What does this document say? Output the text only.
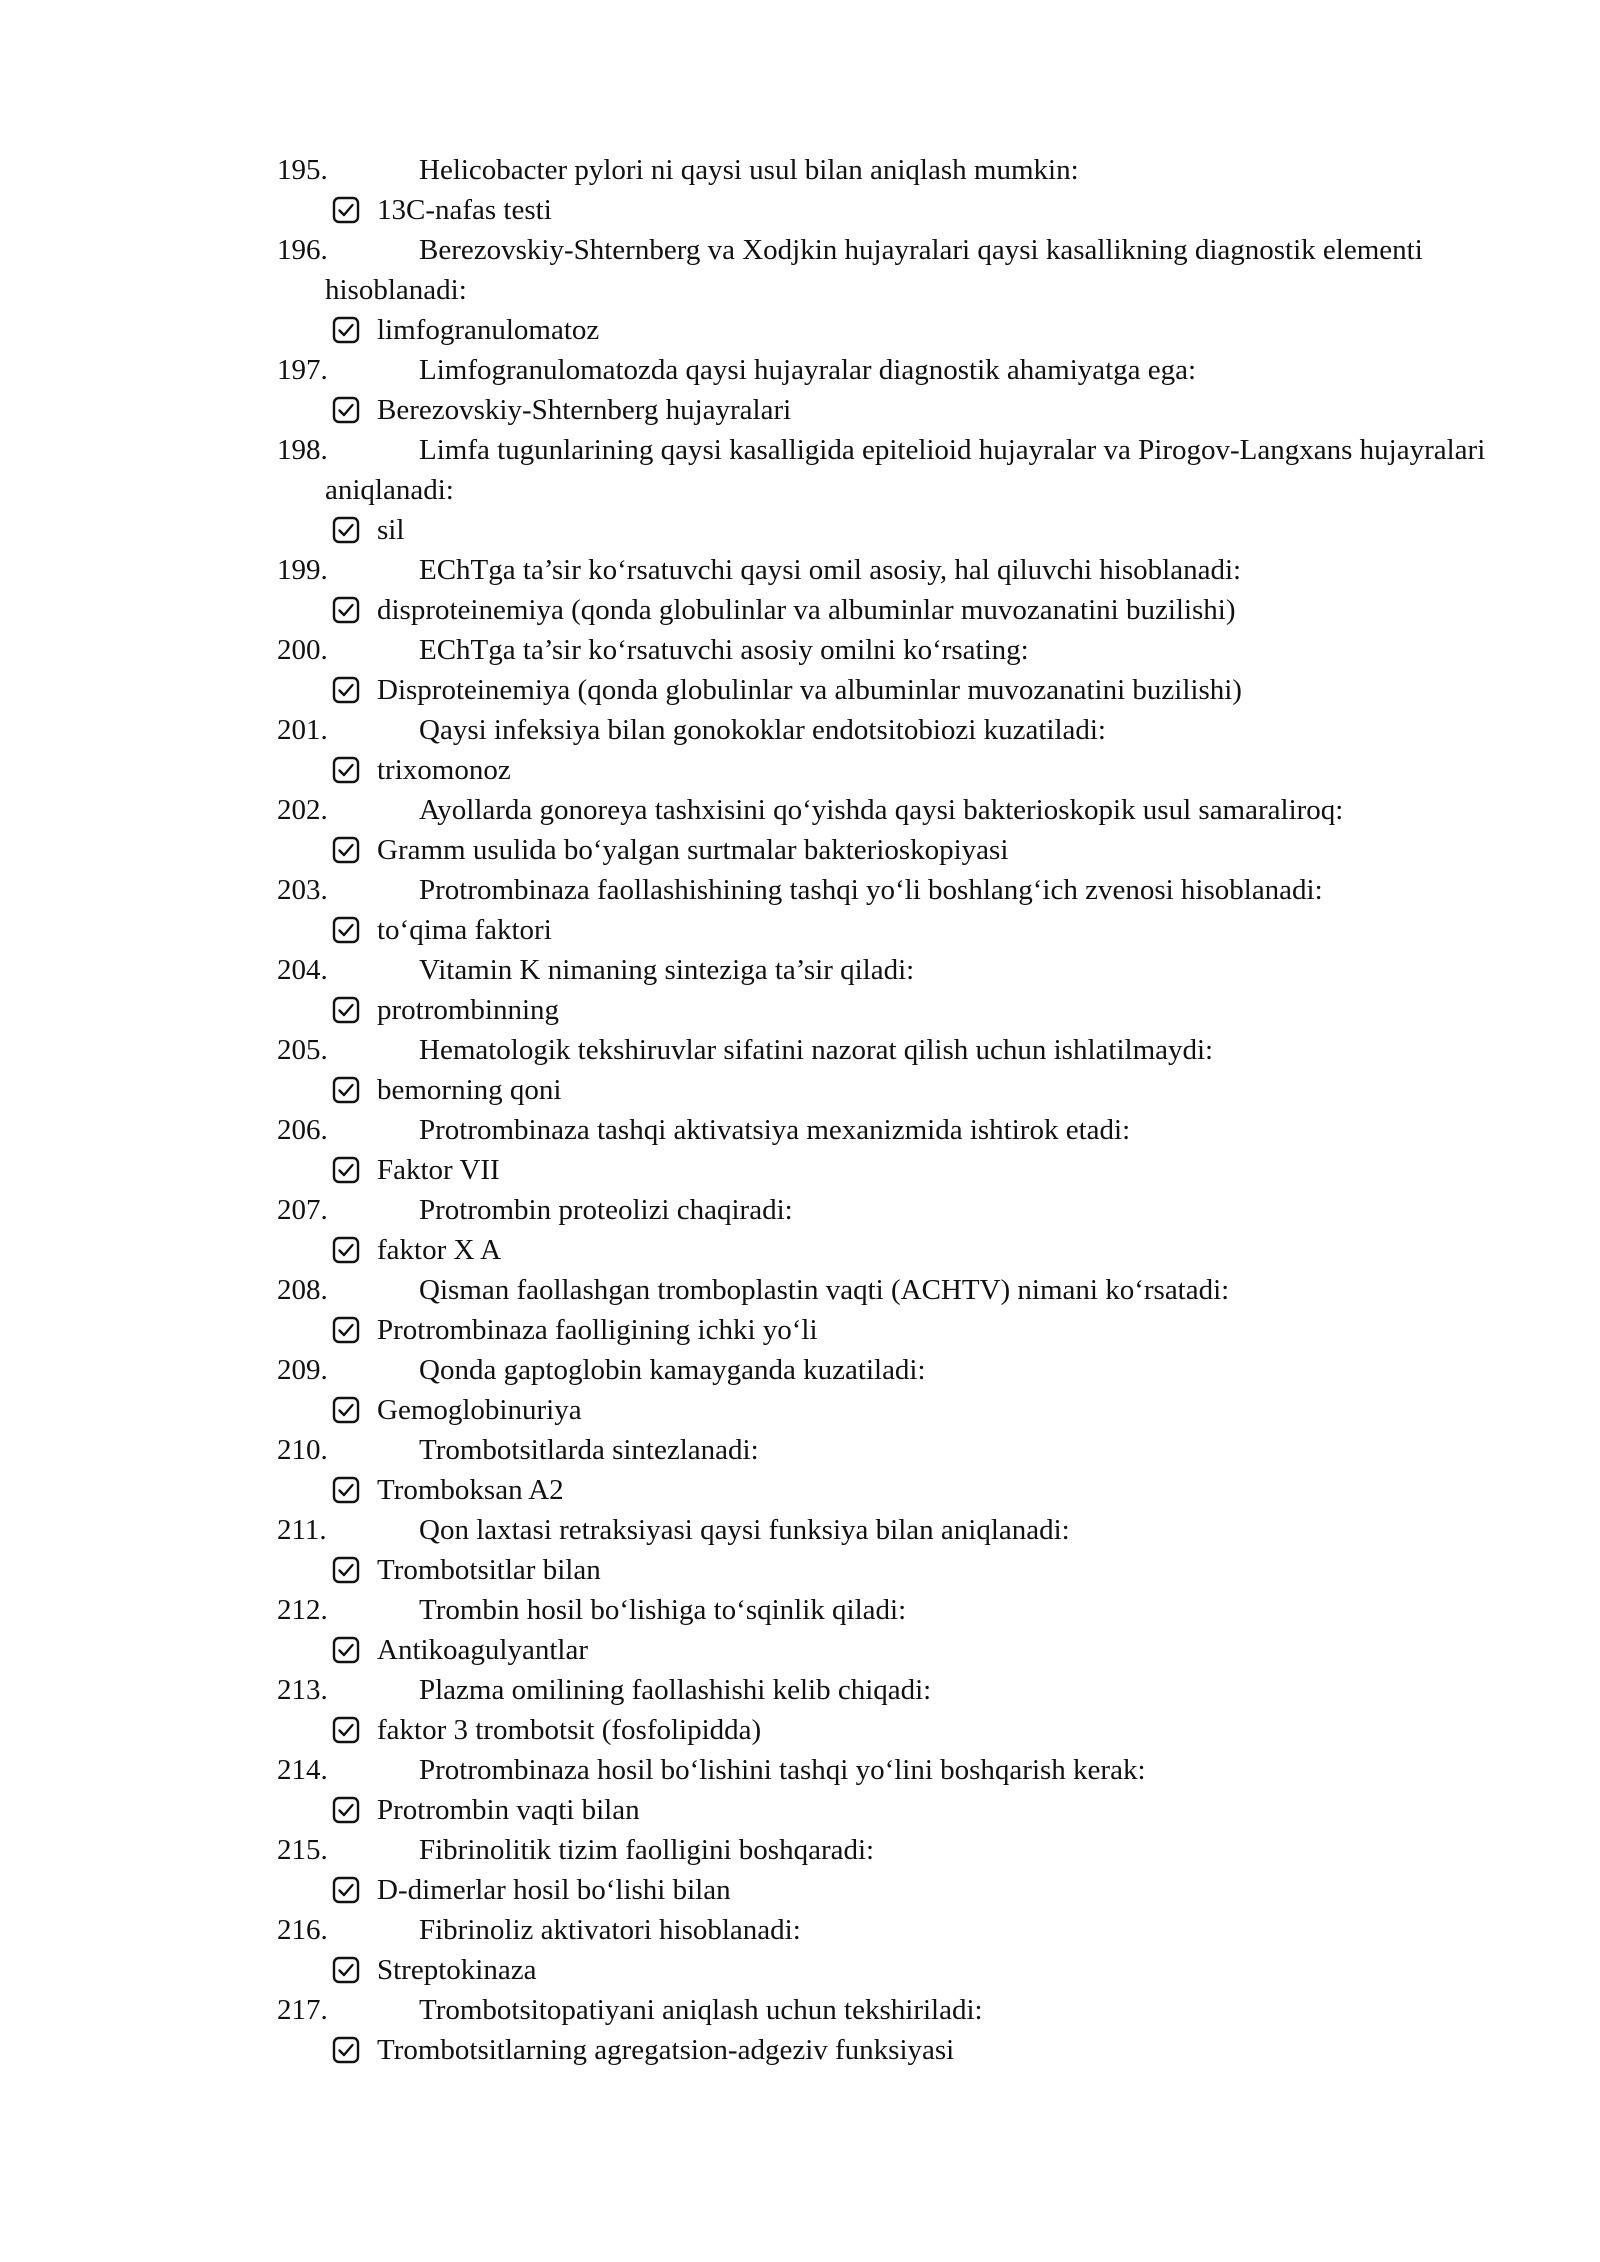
195.	Helicobacter pylori ni qaysi usul bilan aniqlash mumkin:
13C-nafas testi
196.	Berezovskiy-Shternberg va Xodjkin hujayralari qaysi kasallikning diagnostik elementi hisoblanadi:
limfogranulomatoz
197.	Limfogranulomatozda qaysi hujayralar diagnostik ahamiyatga ega:
Berezovskiy-Shternberg hujayralari
198.	Limfa tugunlarining qaysi kasalligida epitelioid hujayralar va Pirogov-Langxans hujayralari aniqlanadi:
sil
199.	EChTga ta’sir ko‘rsatuvchi qaysi omil asosiy, hal qiluvchi hisoblanadi:
disproteinemiya (qonda globulinlar va albuminlar muvozanatini buzilishi)
200.	EChTga ta’sir ko‘rsatuvchi asosiy omilni ko‘rsating:
Disproteinemiya (qonda globulinlar va albuminlar muvozanatini buzilishi)
201.	Qaysi infeksiya bilan gonokoklar endotsitobiozi kuzatiladi:
trixomonoz
202.	Ayollarda gonoreya tashxisini qo‘yishda qaysi bakterioskopik usul samaraliroq:
Gramm usulida bo‘yalgan surtmalar bakterioskopiyasi
203.	Protrombinaza faollashishining tashqi yo‘li boshlang‘ich zvenosi hisoblanadi:
to‘qima faktori
204.	Vitamin K nimaning sinteziga ta’sir qiladi:
protrombinning
205.	Hematologik tekshiruvlar sifatini nazorat qilish uchun ishlatilmaydi:
bemorning qoni
206.	Protrombinaza tashqi aktivatsiya mexanizmida ishtirok etadi:
Faktor VII
207.	Protrombin proteolizi chaqiradi:
faktor X A
208.	Qisman faollashgan tromboplastin vaqti (ACHTV) nimani ko‘rsatadi:
Protrombinaza faolligining ichki yo‘li
209.	Qonda gaptoglobin kamayganda kuzatiladi:
Gemoglobinuriya
210.	Trombotsitlarda sintezlanadi:
Tromboksan A2
211.	Qon laxtasi retraksiyasi qaysi funksiya bilan aniqlanadi:
Trombotsitlar bilan
212.	Trombin hosil bo‘lishiga to‘sqinlik qiladi:
Antikoagulyantlar
213.	Plazma omilining faollashishi kelib chiqadi:
faktor 3 trombotsit (fosfolipidda)
214.	Protrombinaza hosil bo‘lishini tashqi yo‘lini boshqarish kerak:
Protrombin vaqti bilan
215.	Fibrinolitik tizim faolligini boshqaradi:
D-dimerlar hosil bo‘lishi bilan
216.	Fibrinoliz aktivatori hisoblanadi:
Streptokinaza
217.	Trombotsitopatiyani aniqlash uchun tekshiriladi:
Trombotsitlarning agregatsion-adgeziv funksiyasi
